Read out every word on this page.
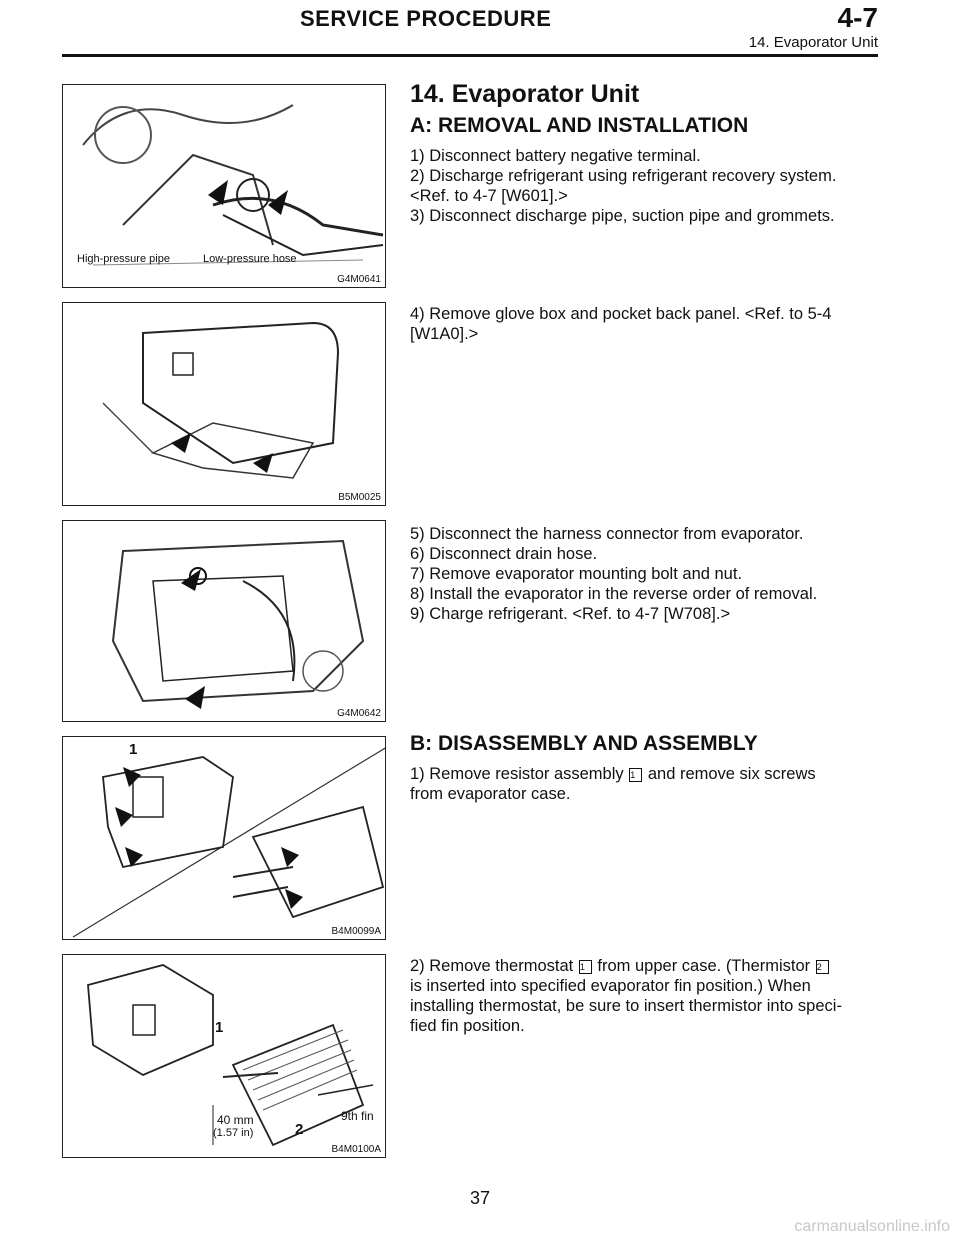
SERVICE PROCEDURE	4-7
14. Evaporator Unit
High-pressure pipe	Low-pressure hose
G4M0641
14. Evaporator Unit
A: REMOVAL AND INSTALLATION
1) Disconnect battery negative terminal.
2) Discharge refrigerant using refrigerant recovery system.
<Ref. to 4-7 [W601].>
3) Disconnect discharge pipe, suction pipe and grommets.
B5M0025
4) Remove glove box and pocket back panel. <Ref. to 5-4
[W1A0].>
G4M0642
5) Disconnect the harness connector from evaporator.
6) Disconnect drain hose.
7) Remove evaporator mounting bolt and nut.
8) Install the evaporator in the reverse order of removal.
9) Charge refrigerant. <Ref. to 4-7 [W708].>
1
B4M0099A
B: DISASSEMBLY AND ASSEMBLY
1) Remove resistor assembly 1 and remove six screws
from evaporator case.
1
2
40 mm
(1.57 in)
9th fin
B4M0100A
2) Remove thermostat 1 from upper case. (Thermistor 2
is inserted into specified evaporator fin position.) When
installing thermostat, be sure to insert thermistor into speci-
fied fin position.
37
carmanualsonline.info
